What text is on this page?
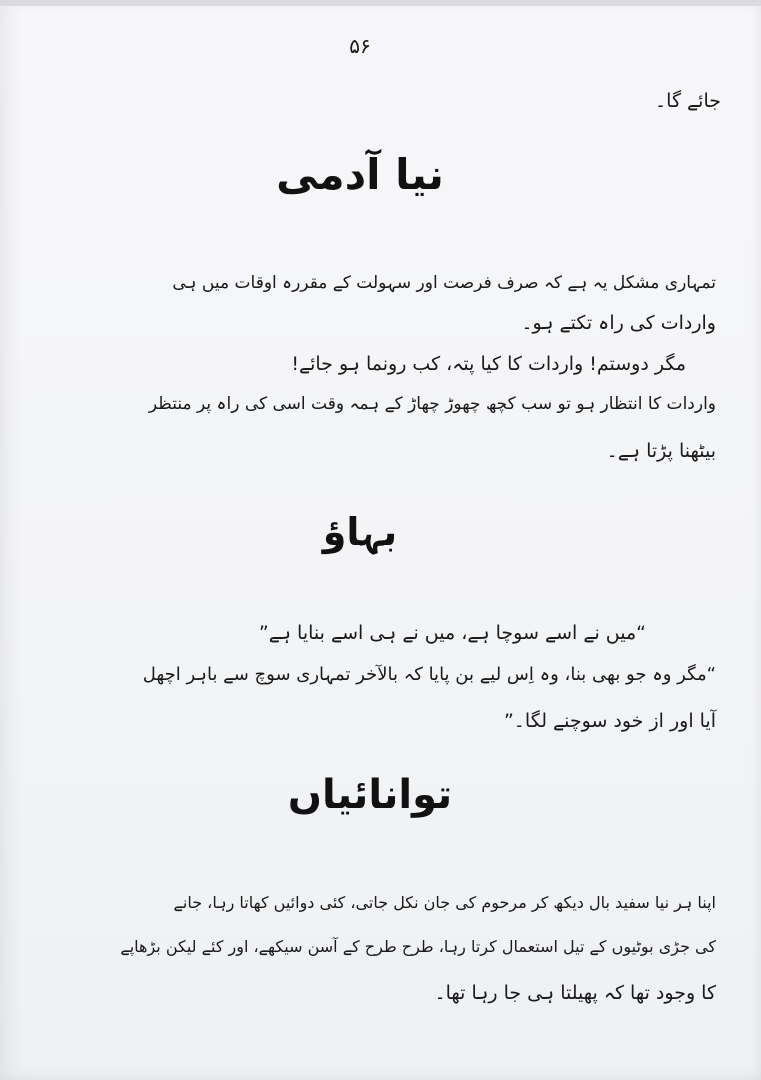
۵۶
جائے گا۔
نیا آدمی
تمہاری مشکل یہ ہے کہ صرف فرصت اور سہولت کے مقررہ اوقات میں ہی
واردات کی راہ تکتے ہو۔
مگر دوستم! واردات کا کیا پتہ، کب رونما ہو جائے!
واردات کا انتظار ہو تو سب کچھ چھوڑ چھاڑ کے ہمہ وقت اسی کی راہ پر منتظر
بیٹھنا پڑتا ہے۔
بہاؤ
“میں نے اسے سوچا ہے، میں نے ہی اسے بنایا ہے”
“مگر وہ جو بھی بنا، وہ اِس لیے بن پایا کہ بالآخر تمہاری سوچ سے باہر اچھل
آیا اور از خود سوچنے لگا۔”
توانائیاں
اپنا ہر نیا سفید بال دیکھ کر مرحوم کی جان نکل جاتی، کئی دوائیں کھاتا رہا، جانے
کی جڑی بوٹیوں کے تیل استعمال کرتا رہا، طرح طرح کے آسن سیکھے، اور کئے لیکن بڑھاپے
کا وجود تھا کہ پھیلتا ہی جا رہا تھا۔
